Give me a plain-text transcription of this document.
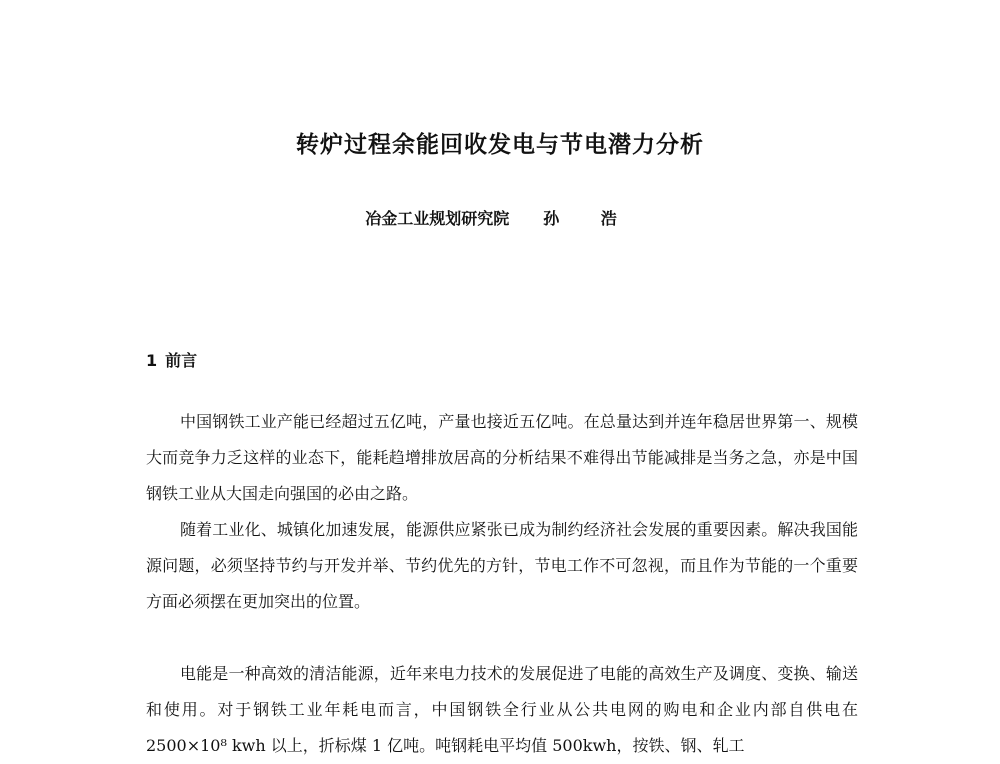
转炉过程余能回收发电与节电潜力分析
冶金工业规划研究院 孙 浩
1 前言

中国钢铁工业产能已经超过五亿吨，产量也接近五亿吨。在总量达到并连年稳居世界第一、规模大而竞争力乏这样的业态下，能耗趋增排放居高的分析结果不难得出节能减排是当务之急，亦是中国钢铁工业从大国走向强国的必由之路。

随着工业化、城镇化加速发展，能源供应紧张已成为制约经济社会发展的重要因素。解决我国能源问题，必须坚持节约与开发并举、节约优先的方针，节电工作不可忽视，而且作为节能的一个重要方面必须摆在更加突出的位置。

电能是一种高效的清洁能源，近年来电力技术的发展促进了电能的高效生产及调度、变换、输送和使用。对于钢铁工业年耗电而言，中国钢铁全行业从公共电网的购电和企业内部自供电在2500×10⁸ kwh 以上，折标煤 1 亿吨。吨钢耗电平均值 500kwh，按铁、钢、轧工
